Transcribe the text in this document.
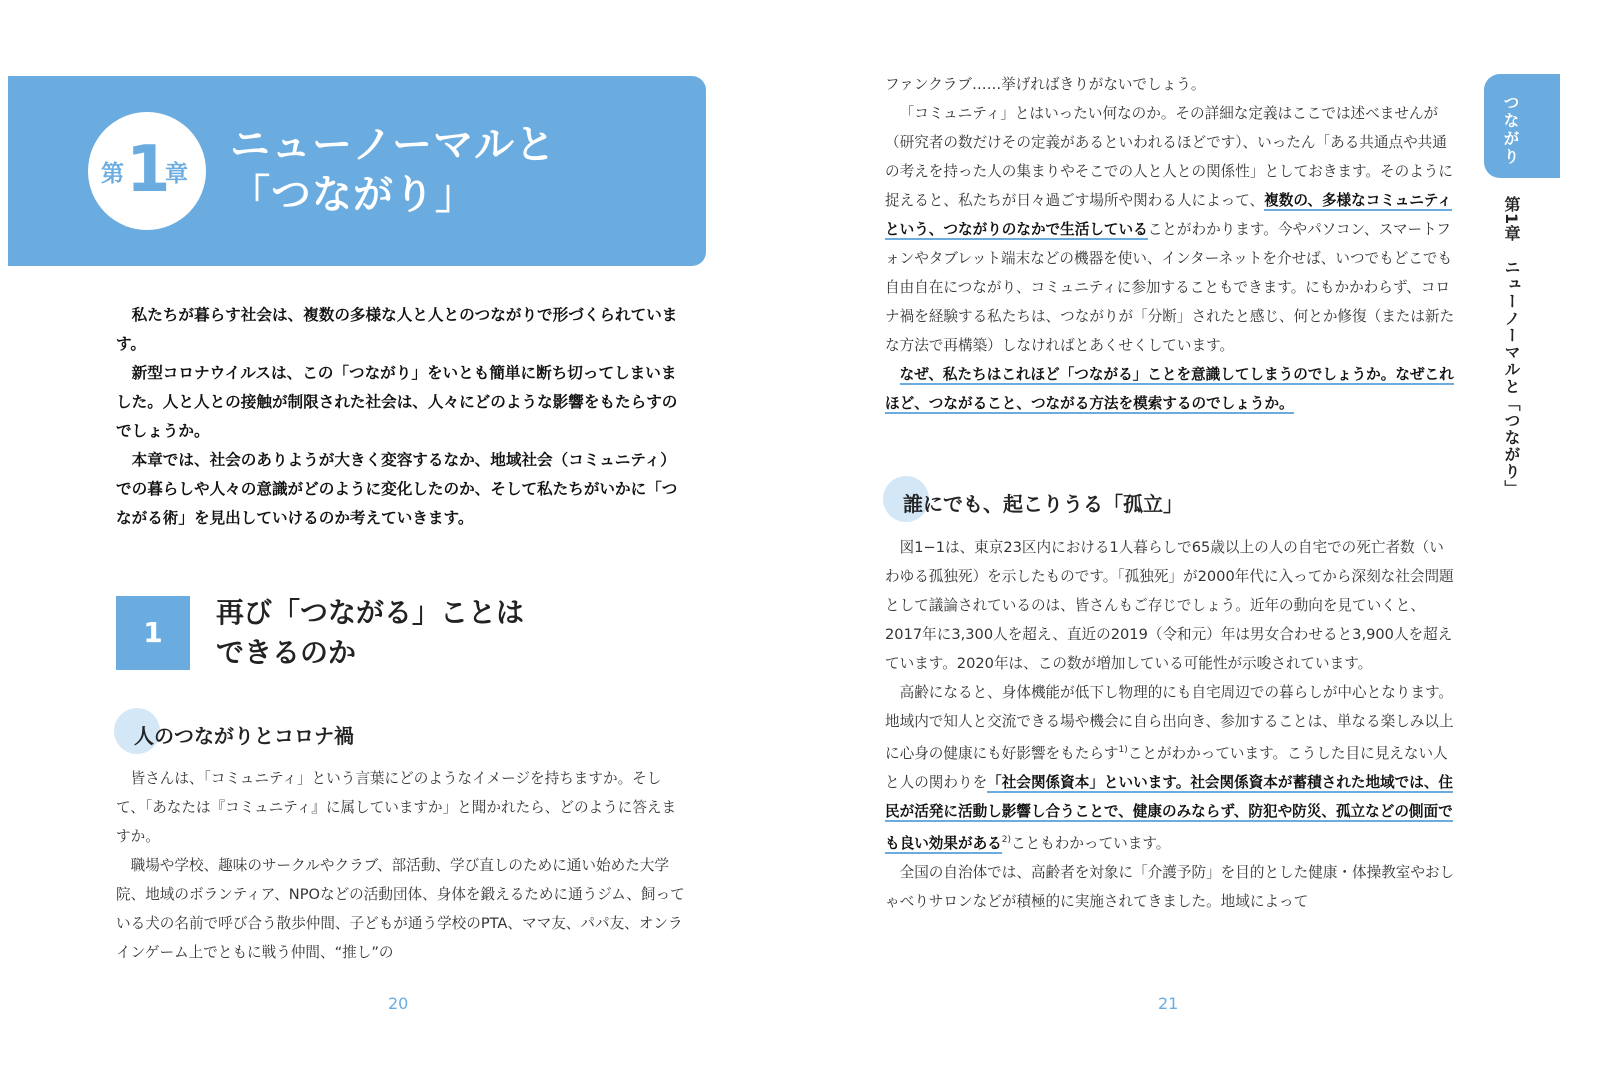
第 1
章
ニューノーマルと
「つながり」

私たちが暮らす社会は、複数の多様な人と人とのつながりで形づくられています。

新型コロナウイルスは、この「つながり」をいとも簡単に断ち切ってしまいました。人と人との接触が制限された社会は、人々にどのような影響をもたらすのでしょうか。

本章では、社会のありようが大きく変容するなか、地域社会（コミュニティ）での暮らしや人々の意識がどのように変化したのか、そして私たちがいかに「つながる術」を見出していけるのか考えていきます。

1
再び「つながる」ことは
できるのか
人のつながりとコロナ禍

皆さんは、「コミュニティ」という言葉にどのようなイメージを持ちますか。そして、「あなたは『コミュニティ』に属していますか」と聞かれたら、どのように答えますか。

職場や学校、趣味のサークルやクラブ、部活動、学び直しのために通い始めた大学院、地域のボランティア、NPOなどの活動団体、身体を鍛えるために通うジム、飼っている犬の名前で呼び合う散歩仲間、子どもが通う学校のPTA、ママ友、パパ友、オンラインゲーム上でともに戦う仲間、“推し”の

20

ファンクラブ……挙げればきりがないでしょう。

「コミュニティ」とはいったい何なのか。その詳細な定義はここでは述べませんが（研究者の数だけその定義があるといわれるほどです）、いったん「ある共通点や共通の考えを持った人の集まりやそこでの人と人との関係性」としておきます。そのように捉えると、私たちが日々過ごす場所や関わる人によって、複数の、多様なコミュニティという、つながりのなかで生活していることがわかります。今やパソコン、スマートフォンやタブレット端末などの機器を使い、インターネットを介せば、いつでもどこでも自由自在につながり、コミュニティに参加することもできます。にもかかわらず、コロナ禍を経験する私たちは、つながりが「分断」されたと感じ、何とか修復（または新たな方法で再構築）しなければとあくせくしています。

なぜ、私たちはこれほど「つながる」ことを意識してしまうのでしょうか。なぜこれほど、つながること、つながる方法を模索するのでしょうか。

誰にでも、起こりうる「孤立」

図1−1は、東京23区内における1人暮らしで65歳以上の人の自宅での死亡者数（いわゆる孤独死）を示したものです。「孤独死」が2000年代に入ってから深刻な社会問題として議論されているのは、皆さんもご存じでしょう。近年の動向を見ていくと、2017年に3,300人を超え、直近の2019（令和元）年は男女合わせると3,900人を超えています。2020年は、この数が増加している可能性が示唆されています。

高齢になると、身体機能が低下し物理的にも自宅周辺での暮らしが中心となります。地域内で知人と交流できる場や機会に自ら出向き、参加することは、単なる楽しみ以上に心身の健康にも好影響をもたらす$^{1)}$ことがわかっています。こうした目に見えない人と人の関わりを「社会関係資本」といいます。社会関係資本が蓄積された地域では、住民が活発に活動し影響し合うことで、健康のみならず、防犯や防災、孤立などの側面でも良い効果がある$^{2)}$こともわかっています。

全国の自治体では、高齢者を対象に「介護予防」を目的とした健康・体操教室やおしゃべりサロンなどが積極的に実施されてきました。地域によって

21
つながり
第1章　ニューノーマルと「つながり」
